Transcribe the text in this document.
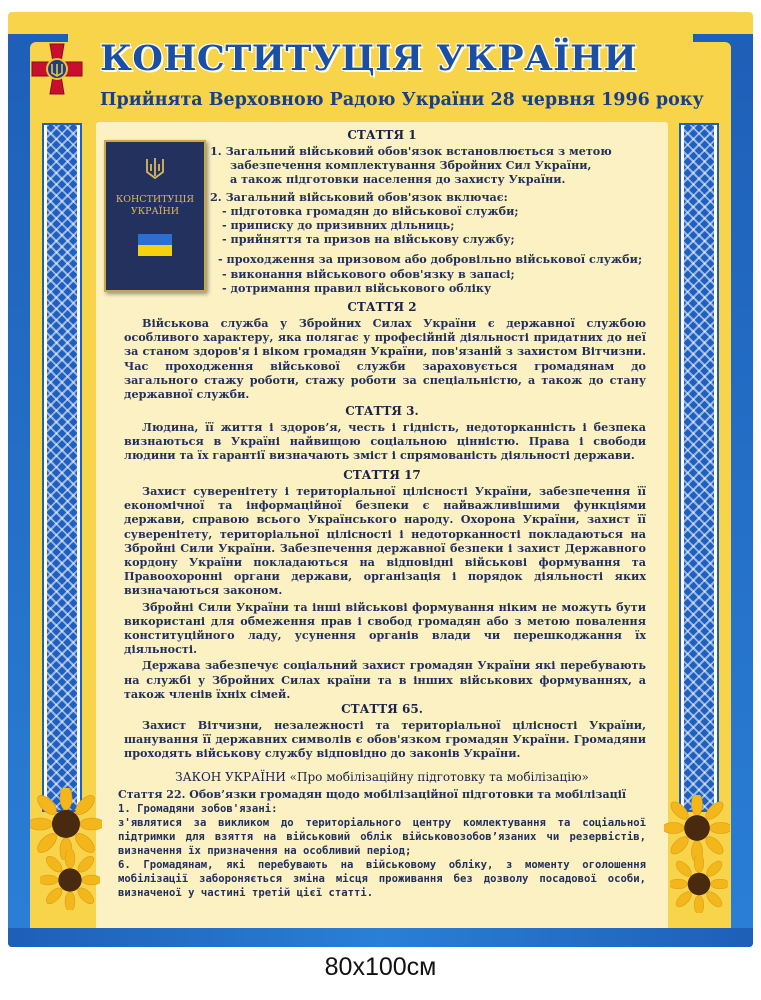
КОНСТИТУЦІЯ УКРАЇНИ
Прийнята Верховною Радою України 28 червня 1996 року
КОНСТИТУЦІЯ
УКРАЇНИ
СТАТТЯ 1
1. Загальний військовий обов'язок встановлюється з метою
забезпечення комплектування Збройних Сил України,
а також підготовки населення до захисту України.
2. Загальний військовий обов'язок включає:
- підготовка громадян до військової служби;
- приписку до призивних дільниць;
- прийняття та призов на військову службу;
- проходження за призовом або добровільно військової служби;
- виконання військового обов'язку в запасі;
- дотримання правил військового обліку
СТАТТЯ 2

Військова служба у Збройних Силах України є державної службою особливого характеру, яка полягає у професійній діяльності придатних до неї за станом здоров'я і віком громадян України, пов'язаній з захистом Вітчизни. Час проходження військової служби зараховується громадянам до загального стажу роботи, стажу роботи за спеціальністю, а також до стану державної служби.

СТАТТЯ 3.

Людина, її життя і здоров’я, честь і гідність, недоторканність і безпека визнаються в Україні найвищою соціальною цінністю. Права і свободи людини та їх гарантії визначають зміст і спрямованість діяльності держави.

СТАТТЯ 17

Захист суверенітету і територіальної цілісності України, забезпечення її економічної та інформаційної безпеки є найважливішими функціями держави, справою всього Українського народу. Охорона України, захист її суверенітету, територіальної цілісності і недоторканності покладаються на Збройні Сили України. Забезпечення державної безпеки і захист Державного кордону України покладаються на відповідні військові формування та Правоохоронні органи держави, організація і порядок діяльності яких визначаються законом.

Збройні Сили України та інші військові формування ніким не можуть бути використані для обмеження прав і свобод громадян або з метою повалення конституційного ладу, усунення органів влади чи перешкоджання їх діяльності.

Держава забезпечує соціальний захист громадян України які перебувають на службі у Збройних Силах країни та в інших військових формуваннях, а також членів їхніх сімей.

СТАТТЯ 65.

Захист Вітчизни, незалежності та територіальної цілісності України, шанування її державних символів є обов'язком громадян України. Громадяни проходять військову службу відповідно до законів України.

ЗАКОН УКРАЇНИ «Про мобілізаційну підготовку та мобілізацію»
Стаття 22. Обов’язки громадян щодо мобілізаційної підготовки та мобілізації
1. Громадяни зобов'язані:

з'являтися за викликом до територіального центру комлектування та соціальної підтримки для взяття на військовий облік військовозобов’язаних чи резервістів, визначення їх призначення на особливий період;

6. Громадянам, які перебувають на військовому обліку, з моменту оголошення мобілізації забороняється зміна місця проживання без дозволу посадової особи, визначеної у частині третій цієї статті.

80x100см
